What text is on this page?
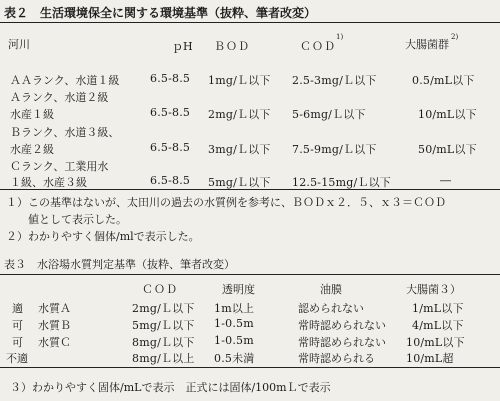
表２　生活環境保全に関する環境基準（抜粋、筆者改変）
河川	ｐH ＢＯＤ	ＣＯＤ
1)
大腸菌群
2)
ＡＡランク、水道１級	6.5-8.5 1mg/Ｌ以下 2.5-3mg/Ｌ以下	0.5/mL以下
Ａランク、水道２級
水産１級	6.5-8.5 2mg/Ｌ以下 5-6mg/Ｌ以下	10/mL以下
Ｂランク、水道３級、
水産２級	6.5-8.5 3mg/Ｌ以下 7.5-9mg/Ｌ以下	50/mL以下
Ｃランク、工業用水
１級、水産３級	6.5-8.5 5mg/Ｌ以下 12.5-15mg/Ｌ以下	―
１）この基準はないが、太田川の過去の水質例を参考に、ＢＯＤｘ２．５、ｘ３＝ＣＯＤ
　　値として表示した。
２）わかりやすく個体/mlで表示した。
表３　水浴場水質判定基準（抜粋、筆者改変）
ＣＯＤ	透明度	油膜	大腸菌３）
適 水質Ａ	2mg/Ｌ以下 1m以上	認められない	1/mL以下
可 水質Ｂ	5mg/Ｌ以下 1-0.5m	常時認められない 4/mL以下
可 水質Ｃ	8mg/Ｌ以下 1-0.5m	常時認められない 10/mL以下
不適	8mg/Ｌ以上 0.5未満	常時認められる	10/mL超
３）わかりやすく固体/mLで表示　正式には固体/100mＬで表示
